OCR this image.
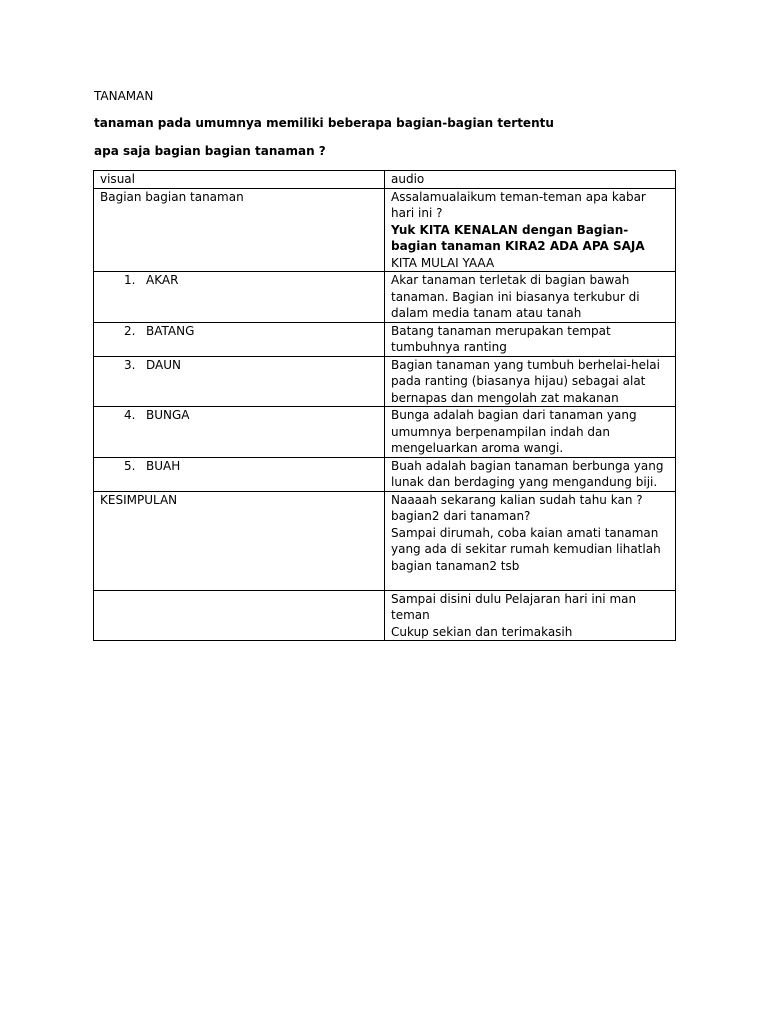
TANAMAN

tanaman pada umumnya memiliki beberapa bagian-bagian tertentu

apa saja bagian bagian tanaman ?

visual	audio
Bagian bagian tanaman	Assalamualaikum teman-teman apa kabar hari ini ?
Yuk KITA KENALAN dengan Bagian-bagian tanaman KIRA2 ADA APA SAJA
KITA MULAI YAAA

1. AKAR	Akar tanaman terletak di bagian bawah tanaman. Bagian ini biasanya terkubur di dalam media tanam atau tanah
2. BATANG	Batang tanaman merupakan tempat tumbuhnya ranting
3. DAUN	Bagian tanaman yang tumbuh berhelai-helai pada ranting (biasanya hijau) sebagai alat bernapas dan mengolah zat makanan
4. BUNGA	Bunga adalah bagian dari tanaman yang umumnya berpenampilan indah dan mengeluarkan aroma wangi.
5. BUAH	Buah adalah bagian tanaman berbunga yang lunak dan berdaging yang mengandung biji.
KESIMPULAN	Naaaah sekarang kalian sudah tahu kan ? bagian2 dari tanaman?
Sampai dirumah, coba kaian amati tanaman yang ada di sekitar rumah kemudian lihatlah bagian tanaman2 tsb

	Sampai disini dulu Pelajaran hari ini man teman
Cukup sekian dan terimakasih
